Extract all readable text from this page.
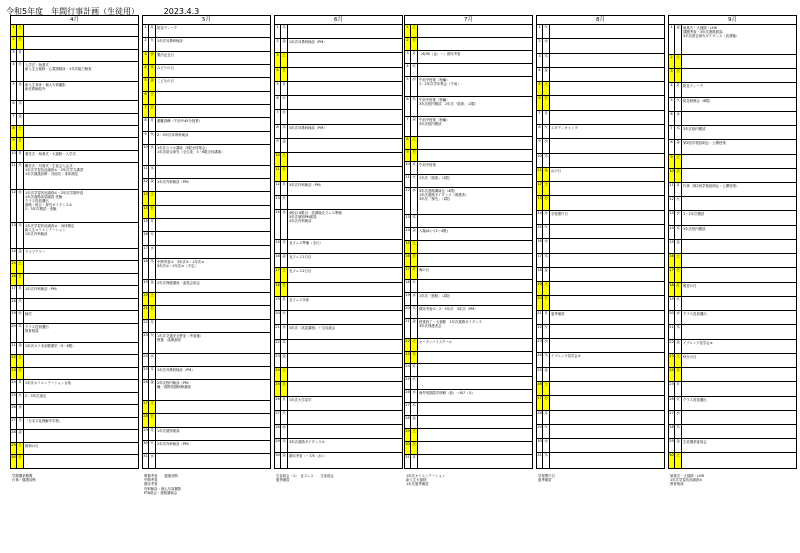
令和5年度　年間行事計画（生徒用）	2023.4.3
4月
1 土
2 日
3 月
4 火 入学式・始業式
新入生大掃除・心電図検診・1年次能力検査
5 水 新入生身体・個人写真撮影
新任教師紹介
6 木
7 金
8 土
9 日
10 月 着任式・始業式・大掃除・入学式
11 火 離任式・対面式・生徒会入会式・
1年次学習状況調査①・2年次学力講習
1年次健康診断・対面式・身体測定
12 水 1年次学習状況調査①・2年次学期考査
1年次進路希望調査 受験
クラス役員選出
進路・総合・探究ガイダンス①
2・3年次模試・受験
13 木 1年次学習状況調査②・身体測定
新入生オリエンテーション
1年次内科検診
14 金 クラブアワー
15 土
16 日
17 月 1年次内科検診（PM）
18 火
19 水 検尿
20 木 クラス役員選出
教育相談
21 金 1年次オリ未到着歴史（5・6限）
22 土
23 日
24 月 1年次オリエンテーション合宿
25 火 2・3年次遠足
26 水
27 木 「日本文化理解中学校」
28 金
29 土 昭和の日
30 日
学期選挙期間
行事・健康診断
5月
1 月 防災ウィーク
2 火 1年次耳鼻科検診
3 水 憲法記念日
4 木 みどりの日
5 金 こどもの日
6 土
7 日
8 月 避難訓練（午前中45分授業）
9 火 2・3年次耳鼻科検診
10 水 1年次スマホ講座（5限全体集会）
1年次総合探究（全生徒：5・6限全体講演）
11 木
12 金 1年次内科検診（PM）
13 土
14 日
15 月
16 火
17 水
18 木 中間考査①　3年次①・1年次②
3年次①・2年次②（予定）
19 金 2年次保健講座・委員会総会
20 土
21 日
22 月
23 火 1年次交通安全教室（考査後）
教養　成績説明
24 水
25 木 1年次耳鼻科検診（PM）
26 金 2年次校内検診（PM）
職・国際短期研修講座
27 土
28 日
29 月 1年次個別面談
30 火 2年次内科検診（PM）
31 水
教養考査　　健康診断
中間考査
期末考査
内科検診・個人写真撮影
PTA総会・進路講演会
6月
1 木
2 金 1年次耳鼻科検診（PM）
3 土
4 日
5 月
6 火
7 水
8 木 3年次耳鼻科検診（PM）
9 金
10 土
11 日
12 月 3年次内科検診（PM）
13 火
14 水 4校目 6限目：放課後北フェス準備
3年次個別PM面談
3年次内科検診
15 木 北フェス準備（全日）
16 金 北フェス1日目
17 土 北フェス2日目
18 日
19 月 北フェス代休
20 火
21 水 3年次（英語講座）＋生徒総会
22 木
23 金
24 土
25 日
26 月 1年次大学見学
27 火
28 水
29 木 3年次進路ガイダンス①
30 金 期末考査（～7/5（水））
生徒総会（1）　北フェス　　生徒総会
夏季補習
7月
1 土
2 日
3 月 （6/30（金）～）期末考査
4 火
5 水 午前中授業（特編）
1・2年次学年集会（午前）
6 木 午前中授業（特編）
3年次校内模試　2年次「総探」（2限）
7 金 午前中授業（特編）
3年次校内模試
8 土
9 日
10 月 午前中授業
11 火 1年次「総探」（2限）
12 水 3年次進路講演会（4限）
1年次進路ガイダンス（保護者）
3年次「探究」（1限）
13 木
14 金 入場(A)ー(2～4限)
15 土
16 日
17 月 海の日
18 火
19 水 1年次「進路」（2限）
20 木 期末考査①：2・3年次　3年次（PM）
21 金 授業終了・大掃除　1年次進路ガイダンス
3年次保護者会
22 土 オープンハイスクール
23 日
24 月
25 火
26 水 海外短期語学研修（仮）～8/7（月）
27 木
28 金
29 土
30 日
31 月
1年次オリエンテーション
新入生大掃除
1年次夏季補習
8月
1 火
2 水
3 木
4 金
5 土
6 日
7 月
8 火 スタディキャンプ
9 水
10 木
11 金 山の日
12 土
13 日
14 月 学校閉庁日
15 火
16 水
17 木
18 金
19 土
20 日
21 月 夏季補習
22 火
23 水
24 木 イブニング見学会①
25 金
26 土
27 日
28 月
29 火
30 水
31 木
学校閉庁日
夏季補習
9月
1 金 始業式・大掃除・LHR
課題考査・3年次進路面談
3年次総合探究ガイダンス（放課後）
2 土
3 日
4 月 防災ウィーク
5 火 防災研修会（6限）
6 水
7 木 3年次校内模試
8 金 第2回学校説明会・公開授業
9 土
10 日
11 月 代休（第2回学校説明会・公開授業）
12 火
13 水 1・2年次模試
14 木 3年次校内模試
15 金
16 土
17 日
18 月 敬老の日
19 火
20 水 クラス役員選出
21 木
22 金 イブニング見学会②
23 土 秋分の日
24 日
25 月
26 火 クラス役員選出
27 水
28 木
29 金 生徒選挙委員会
30 土
始業式・大掃除・LHR
1年次学習状況調査①
教育相談
